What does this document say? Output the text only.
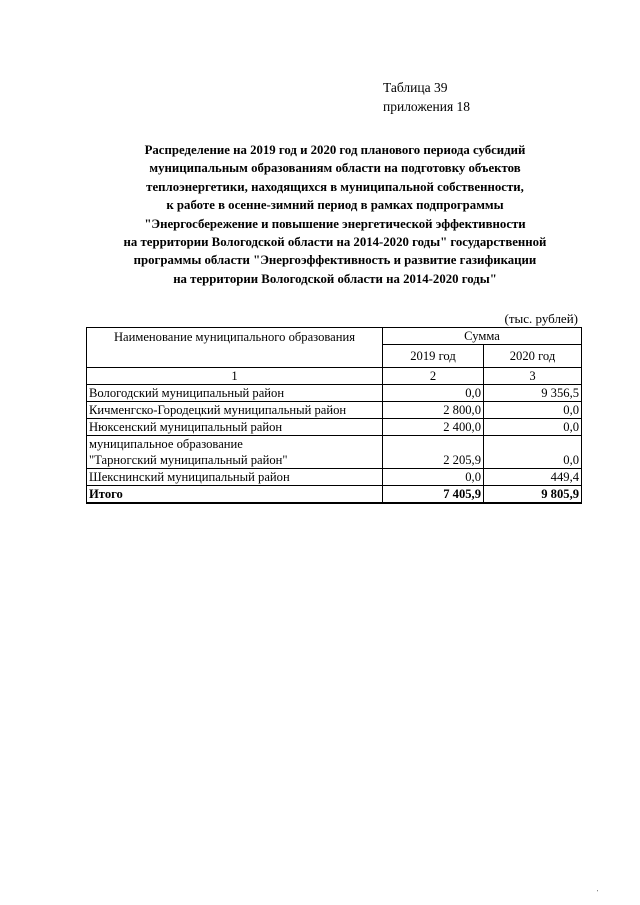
Таблица 39
приложения 18
Распределение на 2019 год и 2020 год планового периода субсидий
муниципальным образованиям области на подготовку объектов
теплоэнергетики, находящихся в муниципальной собственности,
к работе в осенне-зимний период в рамках подпрограммы
"Энергосбережение и повышение энергетической эффективности
на территории Вологодской области на 2014-2020 годы" государственной
программы области "Энергоэффективность и развитие газификации
на территории Вологодской области на 2014-2020 годы"
(тыс. рублей)
Наименование муниципального образования	Сумма	
	2019 год	2020 год
1	2	3
Вологодский муниципальный район	0,0	9 356,5
Кичменгско-Городецкий муниципальный район	2 800,0	0,0
Нюксенский муниципальный район	2 400,0	0,0

муниципальное образование
"Тарногский муниципальный район"	2 205,9	0,0
Шекснинский муниципальный район	0,0	449,4
Итого	7 405,9	9 805,9
'
